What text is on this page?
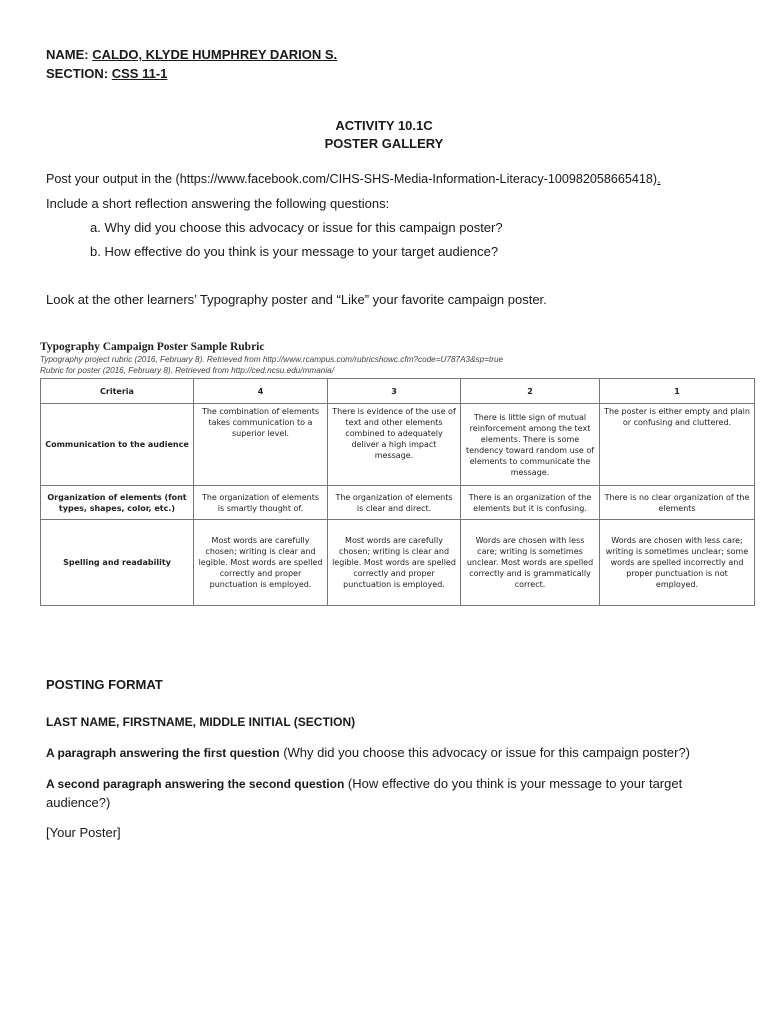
NAME: CALDO, KLYDE HUMPHREY DARION S.
SECTION: CSS 11-1
ACTIVITY 10.1C
POSTER GALLERY
Post your output in the (https://www.facebook.com/CIHS-SHS-Media-Information-Literacy-100982058665418).
Include a short reflection answering the following questions:
a. Why did you choose this advocacy or issue for this campaign poster?
b. How effective do you think is your message to your target audience?
Look at the other learners’ Typography poster and “Like” your favorite campaign poster.
Typography Campaign Poster Sample Rubric
Typography project rubric (2016, February 8). Retrieved from http://www.rcampus.com/rubricshowc.cfm?code=U787A3&sp=true
Rubric for poster (2016, February 8). Retrieved from http://ced.ncsu.edu/mmania/
Criteria	4	3	2	1
Communication to the audience	The combination of elements takes communication to a superior level.	There is evidence of the use of text and other elements combined to adequately deliver a high impact message.	There is little sign of mutual reinforcement among the text elements. There is some tendency toward random use of elements to communicate the message.	The poster is either empty and plain or confusing and cluttered.
Organization of elements (font types, shapes, color, etc.)	The organization of elements is smartly thought of.	The organization of elements is clear and direct.	There is an organization of the elements but it is confusing.	There is no clear organization of the elements
Spelling and readability	Most words are carefully chosen; writing is clear and legible. Most words are spelled correctly and proper punctuation is employed.	Most words are carefully chosen; writing is clear and legible. Most words are spelled correctly and proper punctuation is employed.	Words are chosen with less care; writing is sometimes unclear. Most words are spelled correctly and is grammatically correct.	Words are chosen with less care; writing is sometimes unclear; some words are spelled incorrectly and proper punctuation is not employed.
POSTING FORMAT
LAST NAME, FIRSTNAME, MIDDLE INITIAL (SECTION)
A paragraph answering the first question (Why did you choose this advocacy or issue for this campaign poster?)
A second paragraph answering the second question (How effective do you think is your message to your target
audience?)
[Your Poster]
